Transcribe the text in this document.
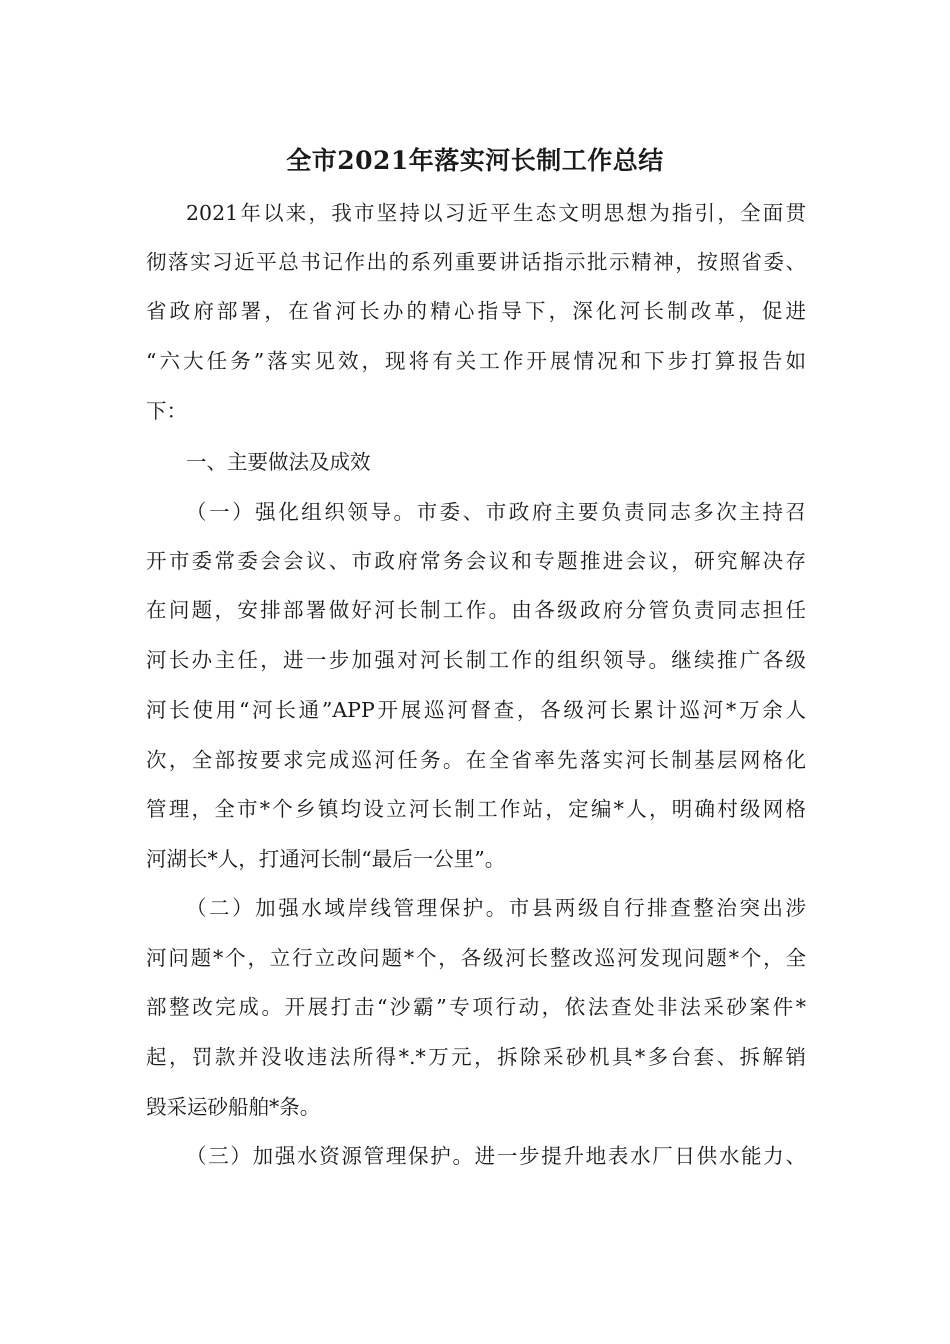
全市2021年落实河长制工作总结
2021年以来，我市坚持以习近平生态文明思想为指引，全面贯
彻落实习近平总书记作出的系列重要讲话指示批示精神，按照省委、
省政府部署，在省河长办的精心指导下，深化河长制改革，促进
“六大任务”落实见效，现将有关工作开展情况和下步打算报告如
下：
一、主要做法及成效
（一）强化组织领导。市委、市政府主要负责同志多次主持召
开市委常委会会议、市政府常务会议和专题推进会议，研究解决存
在问题，安排部署做好河长制工作。由各级政府分管负责同志担任
河长办主任，进一步加强对河长制工作的组织领导。继续推广各级
河长使用“河长通”APP开展巡河督查，各级河长累计巡河*万余人
次，全部按要求完成巡河任务。在全省率先落实河长制基层网格化
管理，全市*个乡镇均设立河长制工作站，定编*人，明确村级网格
河湖长*人，打通河长制“最后一公里”。
（二）加强水域岸线管理保护。市县两级自行排查整治突出涉
河问题*个，立行立改问题*个，各级河长整改巡河发现问题*个，全
部整改完成。开展打击“沙霸”专项行动，依法查处非法采砂案件*
起，罚款并没收违法所得*.*万元，拆除采砂机具*多台套、拆解销
毁采运砂船舶*条。
（三）加强水资源管理保护。进一步提升地表水厂日供水能力、
